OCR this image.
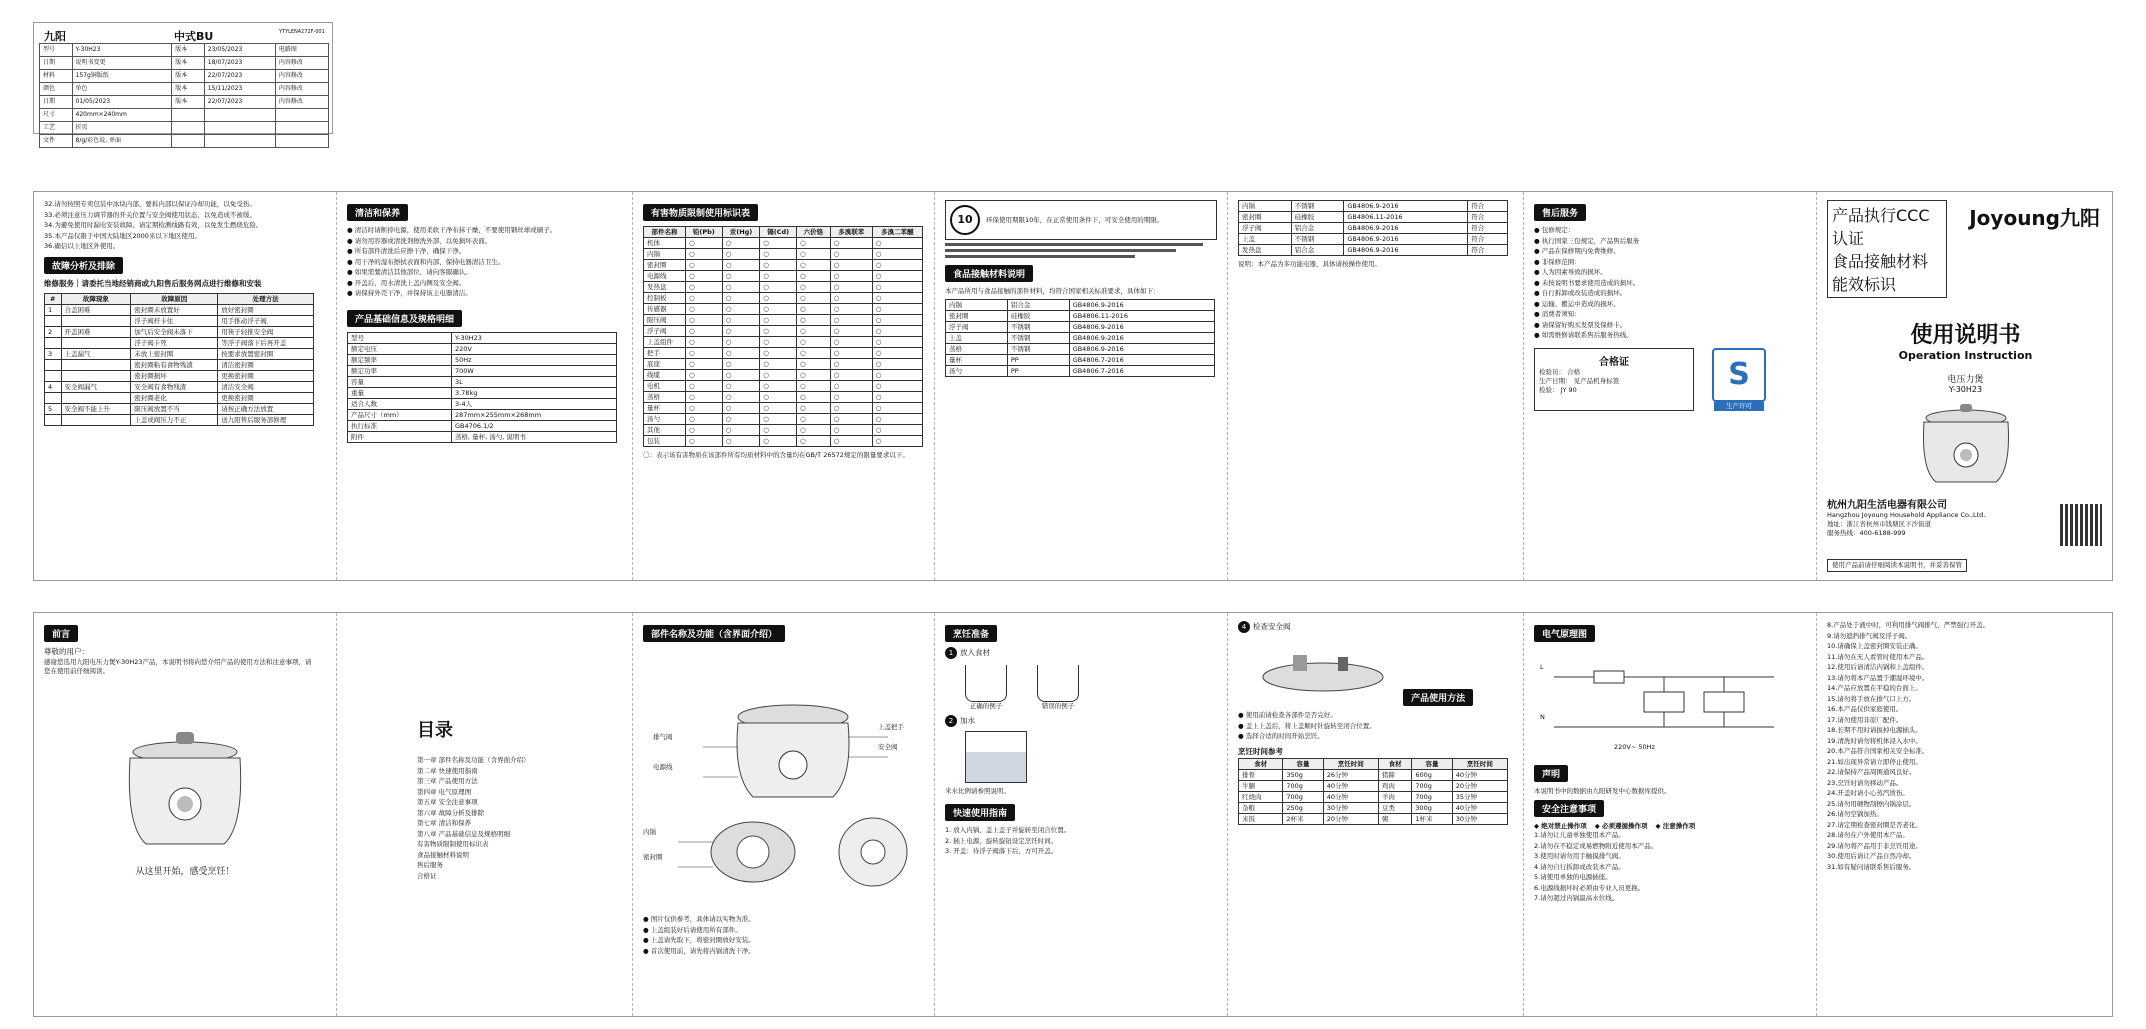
九阳	中式BU	YTYLEN4272F-001
型号	Y-30H23	版本	23/05/2023	电路图
日期	说明书变更	版本	18/07/2023	内容修改
材料	157g铜版纸	版本	22/07/2023	内容修改
颜色	单色	版本	15/11/2023	内容修改
日期	01/05/2023	版本	22/07/2023	内容修改
尺寸	420mm×240mm			
工艺	折页			
文件	8/g/彩色说, 单面			
32.请勿按照专卖包装中冰块内部，要拆内部以保证冷却功能，以免受伤。
33.必须注意压力调节器的开关位置与安全阀使用状态，以免造成不被缓。
34.为避免使用时漏电安装故障，请定期检测线路有效，以免发生燃烧危险。
35.本产品仅限于中国大陆地区2000米以下地区使用。
36.确信以上地区外使用。
故障分析及排除
维修服务｜请委托当地经销商或九阳售后服务网点进行维修和安装
#	故障现象	故障原因	处理方法
1	合盖困难	密封圈未放置好	放好密封圈
		浮子阀杆卡住	用手推动浮子阀
2	开盖困难	加气后安全阀未落下	用筷子轻推安全阀
		浮子阀卡死	等浮子阀落下后再开盖
3	上盖漏气	未放上密封圈	按要求放置密封圈
		密封圈粘有食物残渣	清洁密封圈
		密封圈损坏	更换密封圈
4	安全阀漏气	安全阀有食物残渣	清洁安全阀
		密封圈老化	更换密封圈
5	安全阀不能上升	限压阀放置不当	请按正确方法放置
		上盖或阀压力不正	送九阳售后服务部修理
清洁和保养
● 清洁时请断掉电源，使用柔软干净布抹干燥，不要使用钢丝球或刷子。
● 请勿用容器或清洗剂擦洗外部，以免损坏表面。
● 所有部件清洗后应擦干净，确保干净。
● 用干净的湿布擦拭表面和内部，保持电器清洁卫生。
● 如果需要清洁其他部位，请向客服确认。
● 开盖后，用水清洗上盖内侧及安全阀。
● 请保持外壳干净，并保持该主电器清洁。
产品基础信息及规格明细
型号	Y-30H23
额定电压	220V
额定频率	50Hz
额定功率	700W
容量	3L
重量	3.78kg
适合人数	3-4人
产品尺寸（mm）	287mm×255mm×268mm
执行标准	GB4706.1/2
附件	蒸格, 量杯, 汤勺, 说明书
有害物质限制使用标识表
部件名称	铅(Pb)	汞(Hg)	镉(Cd)	六价铬	多溴联苯	多溴二苯醚
机体	○	○	○	○	○	○
内锅	○	○	○	○	○	○
密封圈	○	○	○	○	○	○
电源线	○	○	○	○	○	○
发热盘	○	○	○	○	○	○
控制板	○	○	○	○	○	○
传感器	○	○	○	○	○	○
限压阀	○	○	○	○	○	○
浮子阀	○	○	○	○	○	○
上盖组件	○	○	○	○	○	○
把手	○	○	○	○	○	○
底座	○	○	○	○	○	○
线缆	○	○	○	○	○	○
电机	○	○	○	○	○	○
蒸格	○	○	○	○	○	○
量杯	○	○	○	○	○	○
汤勺	○	○	○	○	○	○
其他	○	○	○	○	○	○
包装	○	○	○	○	○	○
〇：表示该有害物质在该部件所有均质材料中的含量均在GB/T 26572规定的限量要求以下。
10	环保使用期限10年，在正常使用条件下，可安全使用的期限。
食品接触材料说明
本产品所用与食品接触的部件材料，均符合国家相关标准要求，具体如下：
内锅	铝合金	GB4806.9-2016
密封圈	硅橡胶	GB4806.11-2016
浮子阀	不锈钢	GB4806.9-2016
上盖	不锈钢	GB4806.9-2016
蒸格	不锈钢	GB4806.9-2016
量杯	PP	GB4806.7-2016
汤勺	PP	GB4806.7-2016
内锅	不锈钢	GB4806.9-2016	符合
密封圈	硅橡胶	GB4806.11-2016	符合
浮子阀	铝合金	GB4806.9-2016	符合
上盖	不锈钢	GB4806.9-2016	符合
发热盘	铝合金	GB4806.9-2016	符合
说明：本产品为多功能电器，具体请按操作使用。
售后服务
● 包修规定：
● 执行国家三包规定，产品售后服务
● 产品在保修期内免费维修。
● 非保修范围：
● 人为因素导致的损坏。
● 未按说明书要求使用造成的损坏。
● 自行拆卸或改装造成的损坏。
● 运输、搬运中造成的损坏。
● 消费者须知：
● 请保留好购买发票及保修卡。
● 如需维修请联系售后服务热线。
合格证
检验员： 合格
生产日期： 见产品机身标签
检验： JY 90	S
生产许可
产品执行CCC认证
食品接触材料
能效标识
Joyoung九阳
使用说明书
Operation Instruction
电压力煲
Y-30H23
杭州九阳生活电器有限公司
Hangzhou Joyoung Household Appliance Co.,Ltd.
地址：浙江省杭州市钱塘区下沙街道
服务热线：400-6188-999
使用产品前请仔细阅读本说明书，并妥善保管
前言
尊敬的用户：
感谢您选用九阳电压力煲Y-30H23产品，本说明书将向您介绍产品的使用方法和注意事项，请您在使用前仔细阅读。
从这里开始，感受烹饪！
目录
第一章 部件名称及功能（含界面介绍）
第二章 快速使用指南
第三章 产品使用方法
第四章 电气原理图
第五章 安全注意事项
第六章 故障分析及排除
第七章 清洁和保养
第八章 产品基础信息及规格明细
有害物质限制使用标识表
食品接触材料说明
售后服务
合格证
部件名称及功能（含界面介绍）
上盖把手
安全阀
排气阀
电源线
内锅
密封圈
● 图片仅供参考，具体请以实物为准。
● 上盖组装好后请使用所有部件。
● 上盖请先取下，将密封圈放好安装。
● 首次使用前，请先将内锅清洗干净。
烹饪准备
1 放入食材
正确的例子	错误的例子
2 加水
米水比例请参照说明。
快速使用指南
1. 放入内锅，盖上盖子并旋转至闭合位置。
2. 插上电源，旋转旋钮设定烹饪时间。
3. 开盖：待浮子阀落下后，方可开盖。
4 检查安全阀
产品使用方法
● 使用前请检查各部件是否完好。
● 盖上上盖后，将上盖顺时针旋转至闭合位置。
● 选择合适的时间开始烹饪。
烹饪时间参考
食材	容量	烹饪时间	食材	容量	烹饪时间
排骨	350g	26分钟	猪蹄	600g	40分钟
牛腩	700g	40分钟	鸡肉	700g	20分钟
红烧肉	700g	40分钟	羊肉	700g	35分钟
杂粮	250g	30分钟	豆类	300g	40分钟
米饭	2杯米	20分钟	粥	1杯米	30分钟
电气原理图
L
N
220V~ 50Hz
声明
本说明书中的数据由九阳研发中心数据库提供。
安全注意事项
◆ 绝对禁止操作项 ◆ 必须遵循操作项 ◆ 注意操作项
1.请勿让儿童单独使用本产品。
2.请勿在不稳定或易燃物附近使用本产品。
3.使用时请勿用手触摸排气阀。
4.请勿自行拆卸或改装本产品。
5.请使用单独的电源插座。
6.电源线损坏时必须由专业人员更换。
7.请勿超过内锅最高水位线。
8.产品处于液中时，可利用排气阀排气，严禁强行开盖。
9.请勿遮挡排气阀及浮子阀。
10.请确保上盖密封圈安装正确。
11.请勿在无人看管时使用本产品。
12.使用后请清洁内锅和上盖组件。
13.请勿将本产品置于潮湿环境中。
14.产品应放置在平稳的台面上。
15.请勿将手放在排气口上方。
16.本产品仅供家庭使用。
17.请勿使用非原厂配件。
18.长期不用时请拔掉电源插头。
19.清洗时请勿将机体浸入水中。
20.本产品符合国家相关安全标准。
21.如出现异常请立即停止使用。
22.请保持产品周围通风良好。
23.烹饪时请勿移动产品。
24.开盖时请小心蒸汽烫伤。
25.请勿用硬物刮擦内锅涂层。
26.请勿空锅加热。
27.请定期检查密封圈是否老化。
28.请勿在户外使用本产品。
29.请勿将产品用于非烹饪用途。
30.使用后请让产品自然冷却。
31.如有疑问请联系售后服务。
